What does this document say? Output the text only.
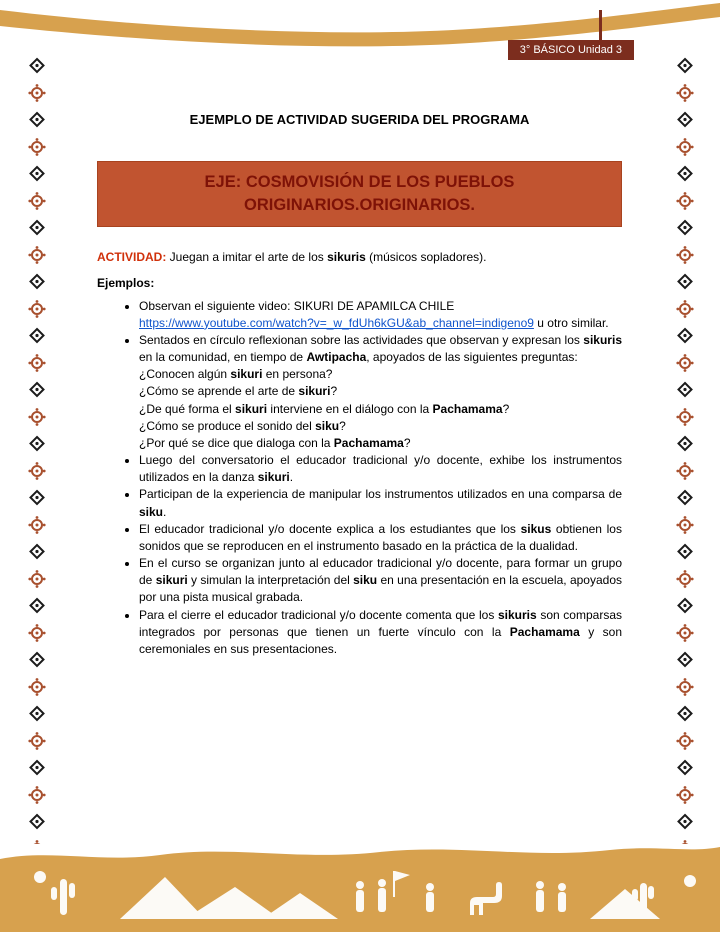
3° BÁSICO Unidad 3
EJEMPLO DE ACTIVIDAD SUGERIDA DEL PROGRAMA
EJE: COSMOVISIÓN DE LOS PUEBLOS
ORIGINARIOS.ORIGINARIOS.

ACTIVIDAD: Juegan a imitar el arte de los sikuris (músicos sopladores).

Ejemplos:

• Observan el siguiente video: SIKURI DE APAMILCA CHILE
https://www.youtube.com/watch?v=_w_fdUh6kGU&ab_channel=indigeno9 u otro similar.
• Sentados en círculo reflexionan sobre las actividades que observan y expresan los sikuris en la comunidad, en tiempo de Awtipacha, apoyados de las siguientes preguntas:
¿Conocen algún sikuri en persona?
¿Cómo se aprende el arte de sikuri?
¿De qué forma el sikuri interviene en el diálogo con la Pachamama?
¿Cómo se produce el sonido del siku?
¿Por qué se dice que dialoga con la Pachamama?
• Luego del conversatorio el educador tradicional y/o docente, exhibe los instrumentos utilizados en la danza sikuri.
• Participan de la experiencia de manipular los instrumentos utilizados en una comparsa de siku.
• El educador tradicional y/o docente explica a los estudiantes que los sikus obtienen los sonidos que se reproducen en el instrumento basado en la práctica de la dualidad.
• En el curso se organizan junto al educador tradicional y/o docente, para formar un grupo de sikuri y simulan la interpretación del siku en una presentación en la escuela, apoyados por una pista musical grabada.
• Para el cierre el educador tradicional y/o docente comenta que los sikuris son comparsas integrados por personas que tienen un fuerte vínculo con la Pachamama y son ceremoniales en sus presentaciones.
